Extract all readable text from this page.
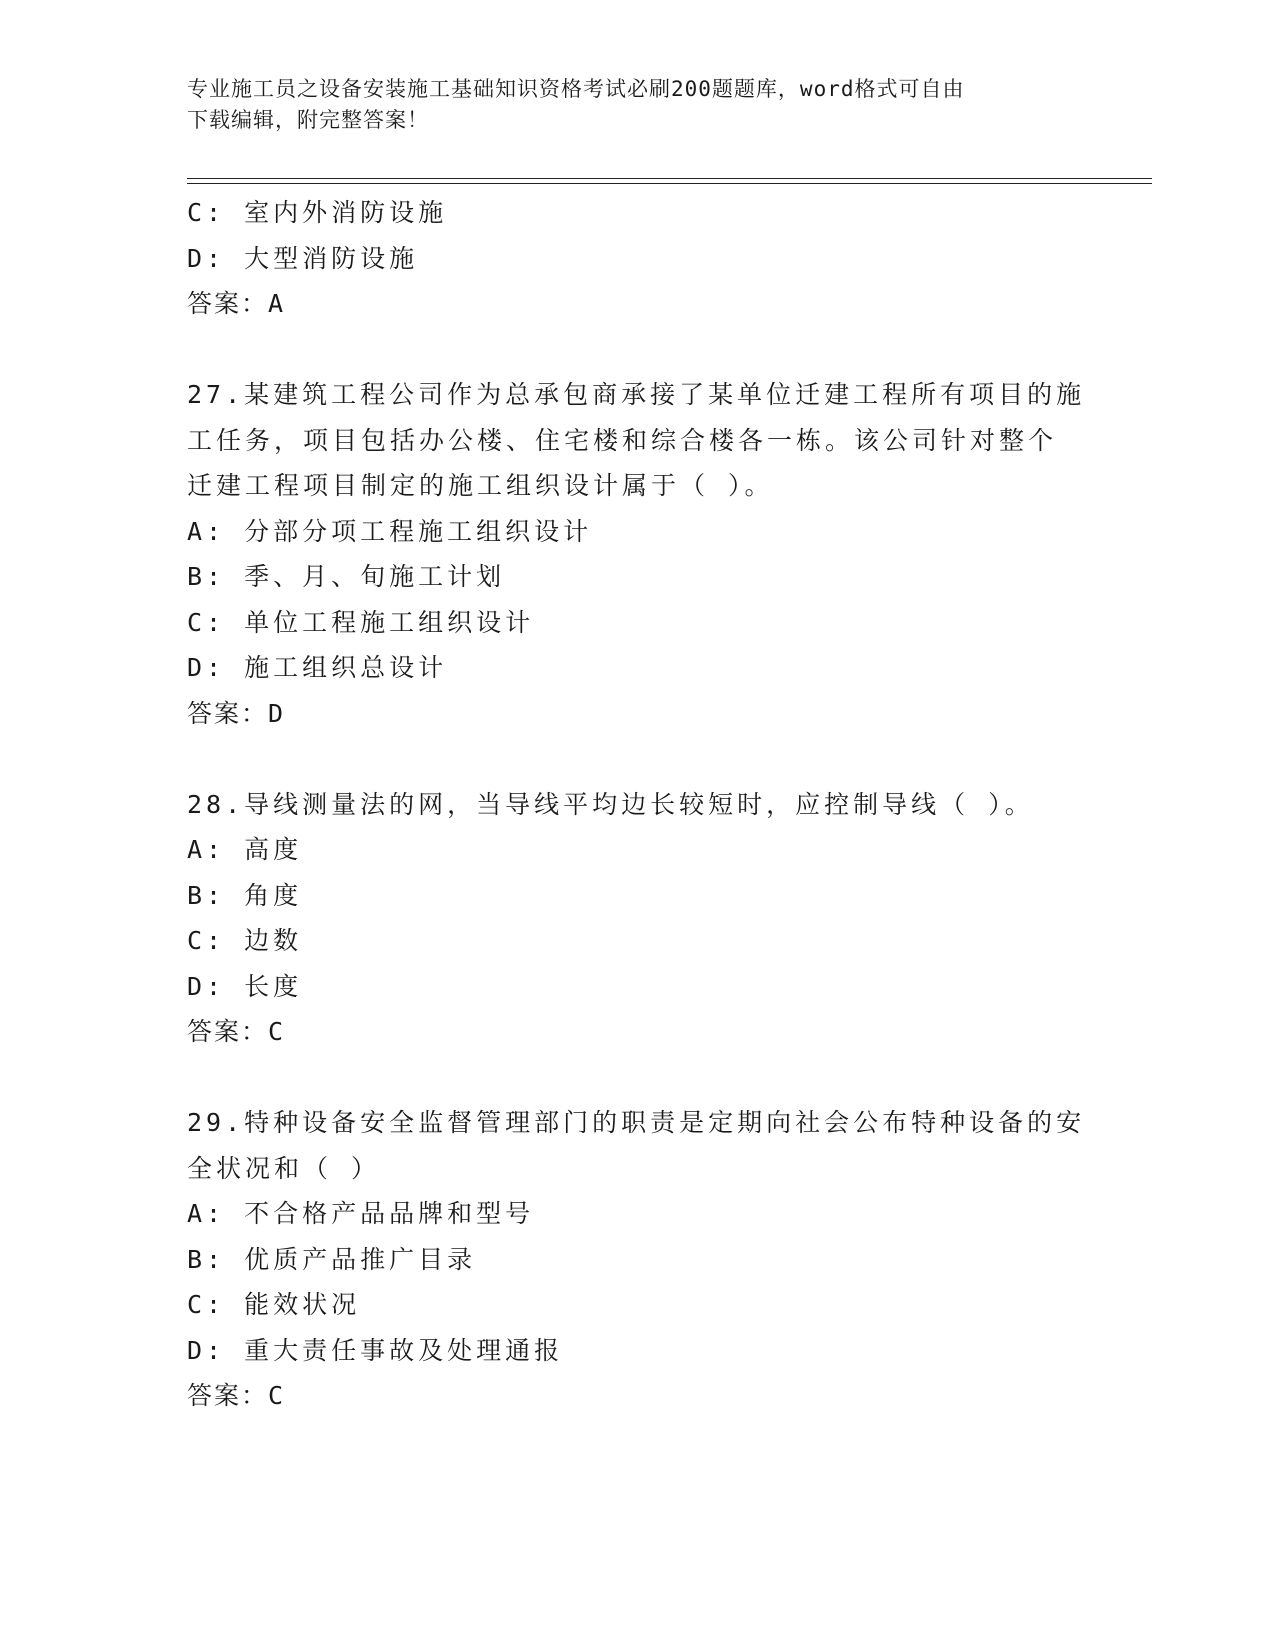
专业施工员之设备安装施工基础知识资格考试必刷200题题库，word格式可自由
下载编辑，附完整答案！
C: 室内外消防设施
D: 大型消防设施
答案：A
27.某建筑工程公司作为总承包商承接了某单位迁建工程所有项目的施
工任务，项目包括办公楼、住宅楼和综合楼各一栋。该公司针对整个
迁建工程项目制定的施工组织设计属于（ ）。
A: 分部分项工程施工组织设计
B: 季、月、旬施工计划
C: 单位工程施工组织设计
D: 施工组织总设计
答案：D
28.导线测量法的网，当导线平均边长较短时，应控制导线（ ）。
A: 高度
B: 角度
C: 边数
D: 长度
答案：C
29.特种设备安全监督管理部门的职责是定期向社会公布特种设备的安
全状况和（ ）
A: 不合格产品品牌和型号
B: 优质产品推广目录
C: 能效状况
D: 重大责任事故及处理通报
答案：C
